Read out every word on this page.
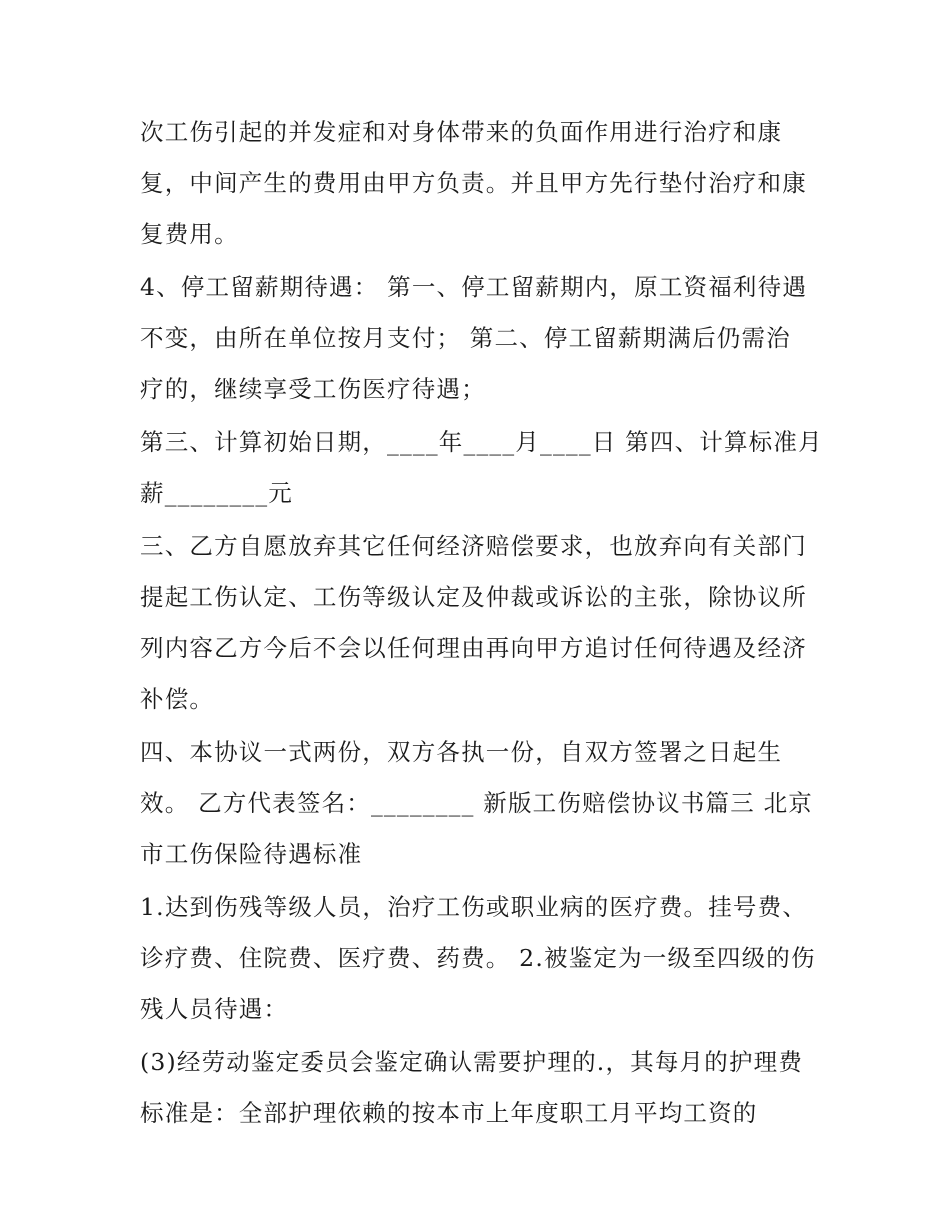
次工伤引起的并发症和对身体带来的负面作用进行治疗和康
复，中间产生的费用由甲方负责。并且甲方先行垫付治疗和康
复费用。
4、停工留薪期待遇： 第一、停工留薪期内，原工资福利待遇
不变，由所在单位按月支付； 第二、停工留薪期满后仍需治
疗的，继续享受工伤医疗待遇；
第三、计算初始日期，____年____月____日 第四、计算标准月
薪________元
三、乙方自愿放弃其它任何经济赔偿要求，也放弃向有关部门
提起工伤认定、工伤等级认定及仲裁或诉讼的主张，除协议所
列内容乙方今后不会以任何理由再向甲方追讨任何待遇及经济
补偿。
四、本协议一式两份，双方各执一份，自双方签署之日起生
效。 乙方代表签名：________ 新版工伤赔偿协议书篇三 北京
市工伤保险待遇标准
1.达到伤残等级人员，治疗工伤或职业病的医疗费。挂号费、
诊疗费、住院费、医疗费、药费。 2.被鉴定为一级至四级的伤
残人员待遇：
(3)经劳动鉴定委员会鉴定确认需要护理的.，其每月的护理费
标准是：全部护理依赖的按本市上年度职工月平均工资的
